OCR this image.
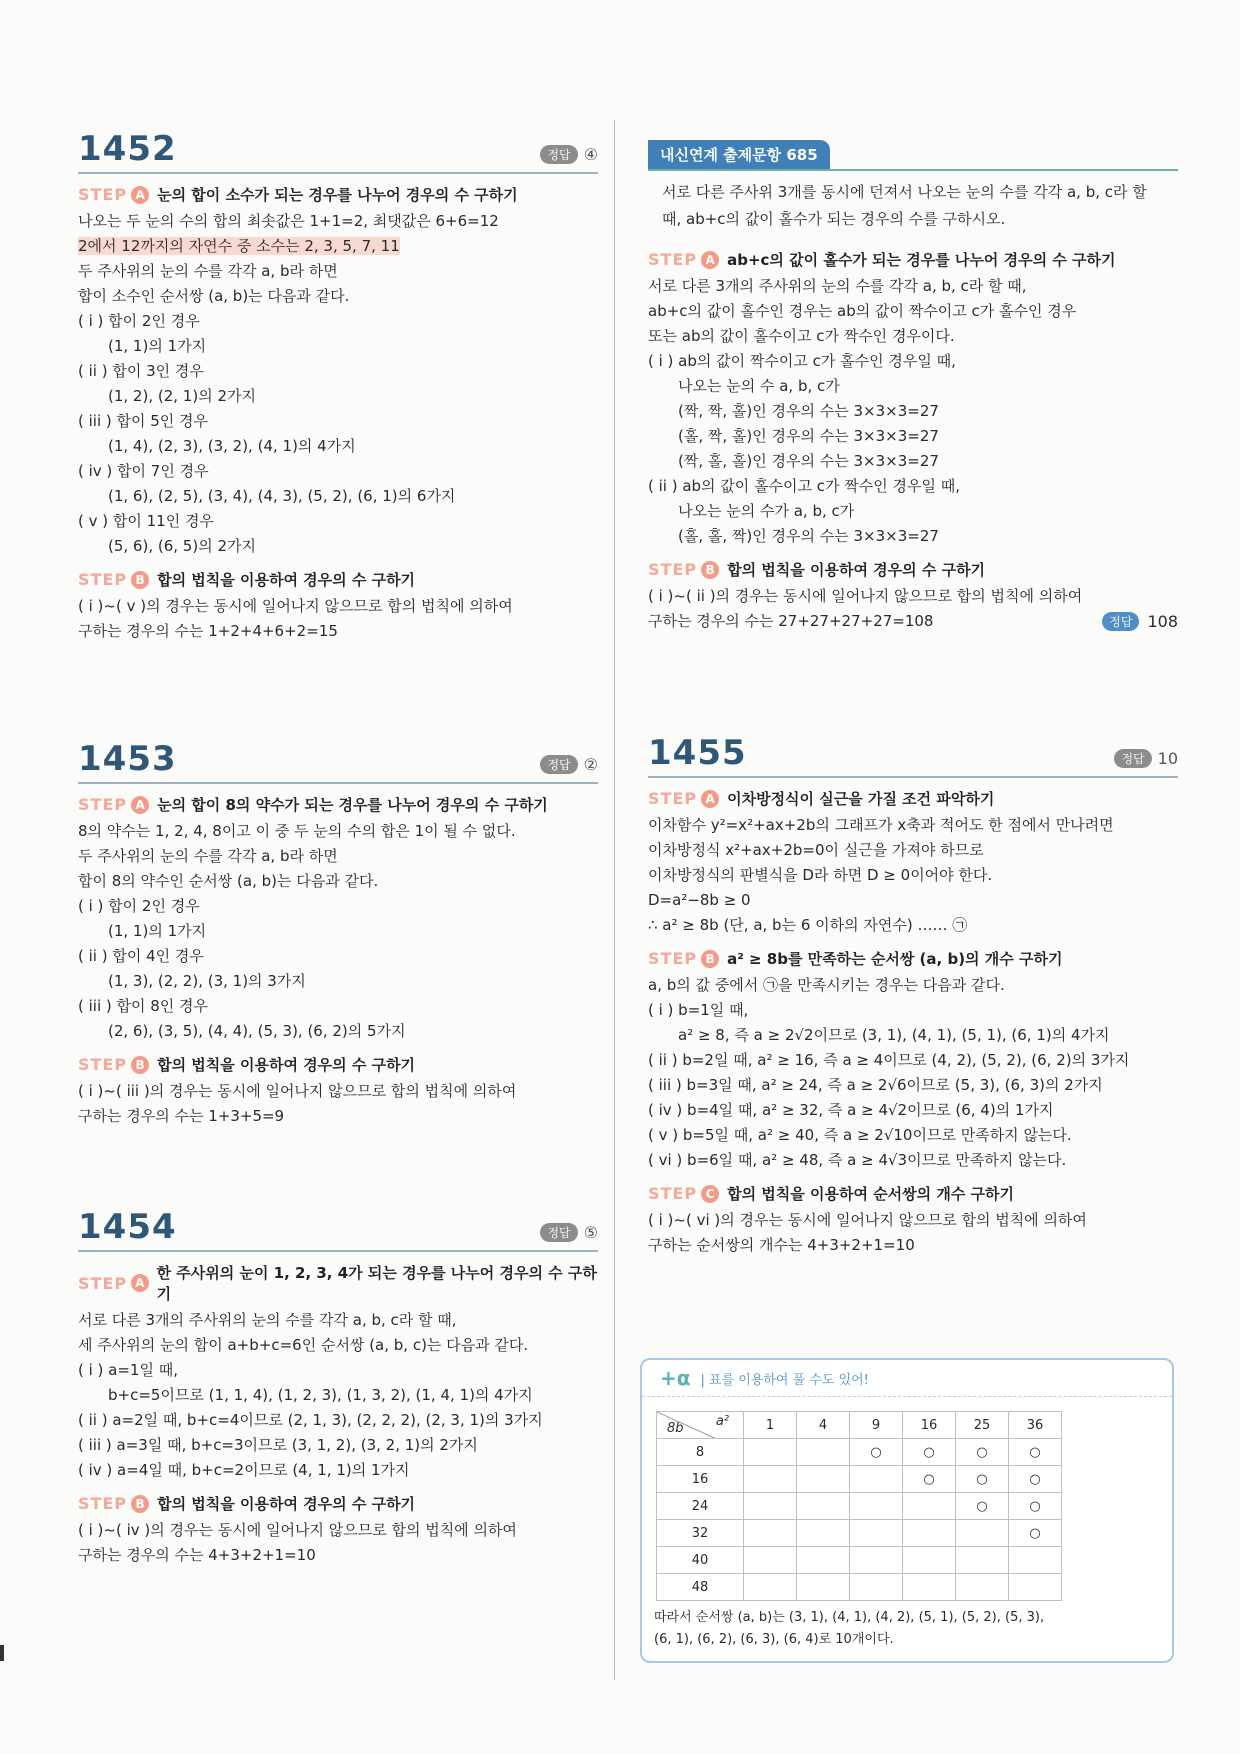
1452	정답 ④
STEP A 눈의 합이 소수가 되는 경우를 나누어 경우의 수 구하기
나오는 두 눈의 수의 합의 최솟값은 1+1=2, 최댓값은 6+6=12
2에서 12까지의 자연수 중 소수는 2, 3, 5, 7, 11
두 주사위의 눈의 수를 각각 a, b라 하면
합이 소수인 순서쌍 (a, b)는 다음과 같다.
( i ) 합이 2인 경우
(1, 1)의 1가지
( ii ) 합이 3인 경우
(1, 2), (2, 1)의 2가지
( iii ) 합이 5인 경우
(1, 4), (2, 3), (3, 2), (4, 1)의 4가지
( iv ) 합이 7인 경우
(1, 6), (2, 5), (3, 4), (4, 3), (5, 2), (6, 1)의 6가지
( v ) 합이 11인 경우
(5, 6), (6, 5)의 2가지
STEP B 합의 법칙을 이용하여 경우의 수 구하기
( i )~( v )의 경우는 동시에 일어나지 않으므로 합의 법칙에 의하여
구하는 경우의 수는 1+2+4+6+2=15
1453	정답 ②
STEP A 눈의 합이 8의 약수가 되는 경우를 나누어 경우의 수 구하기
8의 약수는 1, 2, 4, 8이고 이 중 두 눈의 수의 합은 1이 될 수 없다.
두 주사위의 눈의 수를 각각 a, b라 하면
합이 8의 약수인 순서쌍 (a, b)는 다음과 같다.
( i ) 합이 2인 경우
(1, 1)의 1가지
( ii ) 합이 4인 경우
(1, 3), (2, 2), (3, 1)의 3가지
( iii ) 합이 8인 경우
(2, 6), (3, 5), (4, 4), (5, 3), (6, 2)의 5가지
STEP B 합의 법칙을 이용하여 경우의 수 구하기
( i )~( iii )의 경우는 동시에 일어나지 않으므로 합의 법칙에 의하여
구하는 경우의 수는 1+3+5=9
1454	정답 ⑤
STEP A
한 주사위의 눈이 1, 2, 3, 4가 되는 경우를 나누어 경우의 수 구하기
서로 다른 3개의 주사위의 눈의 수를 각각 a, b, c라 할 때,
세 주사위의 눈의 합이 a+b+c=6인 순서쌍 (a, b, c)는 다음과 같다.
( i ) a=1일 때,
b+c=5이므로 (1, 1, 4), (1, 2, 3), (1, 3, 2), (1, 4, 1)의 4가지
( ii ) a=2일 때, b+c=4이므로 (2, 1, 3), (2, 2, 2), (2, 3, 1)의 3가지
( iii ) a=3일 때, b+c=3이므로 (3, 1, 2), (3, 2, 1)의 2가지
( iv ) a=4일 때, b+c=2이므로 (4, 1, 1)의 1가지
STEP B 합의 법칙을 이용하여 경우의 수 구하기
( i )~( iv )의 경우는 동시에 일어나지 않으므로 합의 법칙에 의하여
구하는 경우의 수는 4+3+2+1=10
내신연계 출제문항 685
서로 다른 주사위 3개를 동시에 던져서 나오는 눈의 수를 각각 a, b, c라 할
때, ab+c의 값이 홀수가 되는 경우의 수를 구하시오.
STEP A ab+c의 값이 홀수가 되는 경우를 나누어 경우의 수 구하기
서로 다른 3개의 주사위의 눈의 수를 각각 a, b, c라 할 때,
ab+c의 값이 홀수인 경우는 ab의 값이 짝수이고 c가 홀수인 경우
또는 ab의 값이 홀수이고 c가 짝수인 경우이다.
( i ) ab의 값이 짝수이고 c가 홀수인 경우일 때,
나오는 눈의 수 a, b, c가
(짝, 짝, 홀)인 경우의 수는 3×3×3=27
(홀, 짝, 홀)인 경우의 수는 3×3×3=27
(짝, 홀, 홀)인 경우의 수는 3×3×3=27
( ii ) ab의 값이 홀수이고 c가 짝수인 경우일 때,
나오는 눈의 수가 a, b, c가
(홀, 홀, 짝)인 경우의 수는 3×3×3=27
STEP B 합의 법칙을 이용하여 경우의 수 구하기
( i )~( ii )의 경우는 동시에 일어나지 않으므로 합의 법칙에 의하여
구하는 경우의 수는 27+27+27+27=108	정답 108
1455	정답 10
STEP A 이차방정식이 실근을 가질 조건 파악하기
이차함수 y²=x²+ax+2b의 그래프가 x축과 적어도 한 점에서 만나려면
이차방정식 x²+ax+2b=0이 실근을 가져야 하므로
이차방정식의 판별식을 D라 하면 D ≥ 0이어야 한다.
D=a²−8b ≥ 0
∴ a² ≥ 8b (단, a, b는 6 이하의 자연수) …… ㉠
STEP B a² ≥ 8b를 만족하는 순서쌍 (a, b)의 개수 구하기
a, b의 값 중에서 ㉠을 만족시키는 경우는 다음과 같다.
( i ) b=1일 때,
a² ≥ 8, 즉 a ≥ 2√2이므로 (3, 1), (4, 1), (5, 1), (6, 1)의 4가지
( ii ) b=2일 때, a² ≥ 16, 즉 a ≥ 4이므로 (4, 2), (5, 2), (6, 2)의 3가지
( iii ) b=3일 때, a² ≥ 24, 즉 a ≥ 2√6이므로 (5, 3), (6, 3)의 2가지
( iv ) b=4일 때, a² ≥ 32, 즉 a ≥ 4√2이므로 (6, 4)의 1가지
( v ) b=5일 때, a² ≥ 40, 즉 a ≥ 2√10이므로 만족하지 않는다.
( vi ) b=6일 때, a² ≥ 48, 즉 a ≥ 4√3이므로 만족하지 않는다.
STEP C 합의 법칙을 이용하여 순서쌍의 개수 구하기
( i )~( vi )의 경우는 동시에 일어나지 않으므로 합의 법칙에 의하여
구하는 순서쌍의 개수는 4+3+2+1=10
+α | 표를 이용하여 풀 수도 있어!
a²
8b	1	4	9	16	25	36
8			○	○	○	○
16				○	○	○
24					○	○
32						○
40						
48						
따라서 순서쌍 (a, b)는 (3, 1), (4, 1), (4, 2), (5, 1), (5, 2), (5, 3),
(6, 1), (6, 2), (6, 3), (6, 4)로 10개이다.
